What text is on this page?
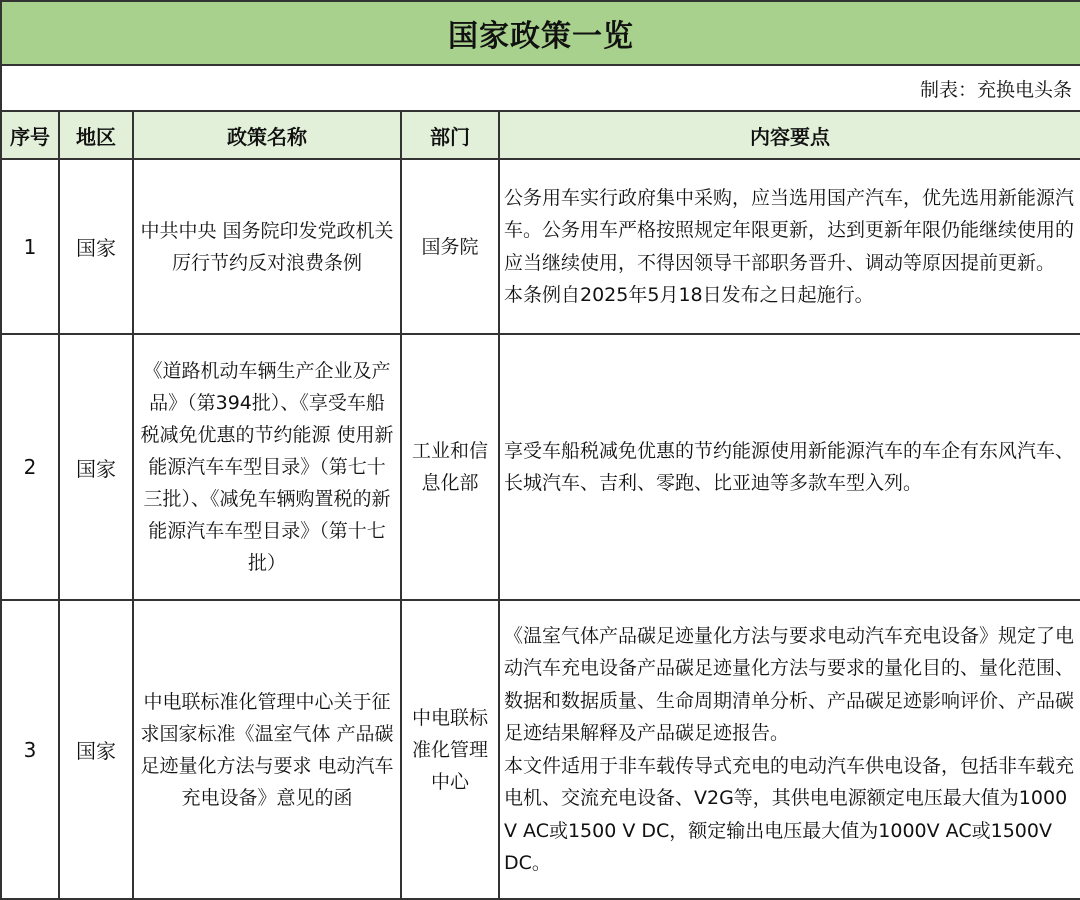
国家政策一览				
制表：充换电头条				
序号	地区	政策名称	部门	内容要点
1	国家	中共中央 国务院印发党政机关厉行节约反对浪费条例	国务院	公务用车实行政府集中采购，应当选用国产汽车，优先选用新能源汽车。公务用车严格按照规定年限更新，达到更新年限仍能继续使用的应当继续使用，不得因领导干部职务晋升、调动等原因提前更新。
本条例自2025年5月18日发布之日起施行。

2	国家	《道路机动车辆生产企业及产品》（第394批）、《享受车船税减免优惠的节约能源 使用新能源汽车车型目录》（第七十三批）、《减免车辆购置税的新能源汽车车型目录》（第十七批）	工业和信息化部	享受车船税减免优惠的节约能源使用新能源汽车的车企有东风汽车、长城汽车、吉利、零跑、比亚迪等多款车型入列。

3	国家	中电联标准化管理中心关于征求国家标准《温室气体 产品碳足迹量化方法与要求 电动汽车充电设备》意见的函	中电联标准化管理中心	《温室气体产品碳足迹量化方法与要求电动汽车充电设备》规定了电动汽车充电设备产品碳足迹量化方法与要求的量化目的、量化范围、数据和数据质量、生命周期清单分析、产品碳足迹影响评价、产品碳足迹结果解释及产品碳足迹报告。
本文件适用于非车载传导式充电的电动汽车供电设备，包括非车载充电机、交流充电设备、V2G等，其供电电源额定电压最大值为1000 V AC或1500 V DC，额定输出电压最大值为1000V AC或1500V DC。
